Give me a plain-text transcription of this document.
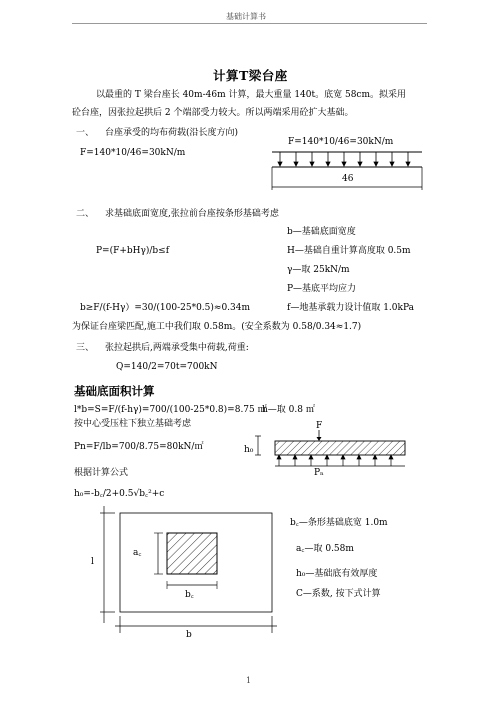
基础计算书
计算T梁台座
以最重的 T 梁台座长 40m-46m 计算，最大重量 140t。底宽 58cm。拟采用
砼台座，因张拉起拱后 2 个端部受力较大。所以两端采用砼扩大基础。
一、 台座承受的均布荷载(沿长度方向)
F=140*10/46=30kN/m
F=140*10/46=30kN/m
46
二、 求基础底面宽度,张拉前台座按条形基础考虑
b—基础底面宽度
P=(F+bHγ)/b≤f	H—基础自重计算高度取 0.5m
γ—取 25kN/m
P—基底平均应力
b≥F/(f-Hγ）=30/(100-25*0.5)≈0.34m	f—地基承载力设计值取 1.0kPa
为保证台座梁匹配,施工中我们取 0.58m。(安全系数为 0.58/0.34≈1.7)
三、 张拉起拱后,两端承受集中荷载,荷重:
Q=140/2=70t=700kN
基础底面积计算
l*b=S=F/(f-hγ)=700/(100-25*0.8)=8.75 ㎡
h—取 0.8 ㎡
按中心受压柱下独立基础考虑	F
h₀
Pₙ
Pn=F/lb=700/8.75=80kN/㎡
根据计算公式
h₀=-b꜀/2+0.5√b꜀²+c
a꜀
b꜀
l
b
b꜀—条形基础底宽 1.0m
a꜀—取 0.58m
h₀—基础底有效厚度
C—系数, 按下式计算
1
